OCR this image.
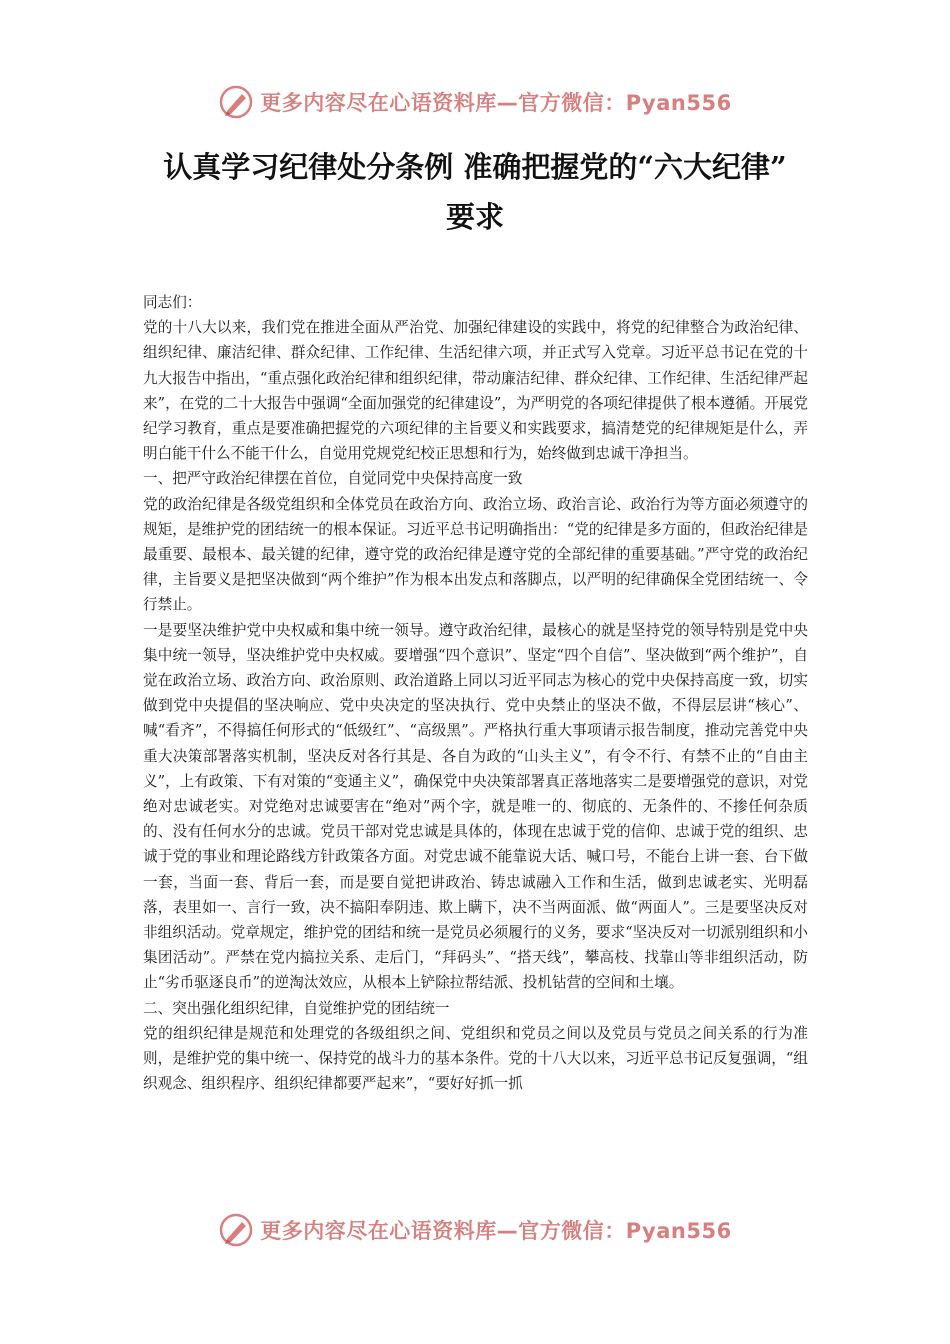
更多内容尽在心语资料库—官方微信：Pyan556
认真学习纪律处分条例 准确把握党的“六大纪律”
要求

同志们：

党的十八大以来，我们党在推进全面从严治党、加强纪律建设的实践中，将党的纪律整合为政治纪律、组织纪律、廉洁纪律、群众纪律、工作纪律、生活纪律六项，并正式写入党章。习近平总书记在党的十九大报告中指出，“重点强化政治纪律和组织纪律，带动廉洁纪律、群众纪律、工作纪律、生活纪律严起来”，在党的二十大报告中强调“全面加强党的纪律建设”，为严明党的各项纪律提供了根本遵循。开展党纪学习教育，重点是要准确把握党的六项纪律的主旨要义和实践要求，搞清楚党的纪律规矩是什么，弄明白能干什么不能干什么，自觉用党规党纪校正思想和行为，始终做到忠诚干净担当。

一、把严守政治纪律摆在首位，自觉同党中央保持高度一致

党的政治纪律是各级党组织和全体党员在政治方向、政治立场、政治言论、政治行为等方面必须遵守的规矩，是维护党的团结统一的根本保证。习近平总书记明确指出：“党的纪律是多方面的，但政治纪律是最重要、最根本、最关键的纪律，遵守党的政治纪律是遵守党的全部纪律的重要基础。”严守党的政治纪律，主旨要义是把坚决做到“两个维护”作为根本出发点和落脚点，以严明的纪律确保全党团结统一、令行禁止。

一是要坚决维护党中央权威和集中统一领导。遵守政治纪律，最核心的就是坚持党的领导特别是党中央集中统一领导，坚决维护党中央权威。要增强“四个意识”、坚定“四个自信”、坚决做到“两个维护”，自觉在政治立场、政治方向、政治原则、政治道路上同以习近平同志为核心的党中央保持高度一致，切实做到党中央提倡的坚决响应、党中央决定的坚决执行、党中央禁止的坚决不做，不得层层讲“核心”、喊“看齐”，不得搞任何形式的“低级红”、“高级黑”。严格执行重大事项请示报告制度，推动完善党中央重大决策部署落实机制，坚决反对各行其是、各自为政的“山头主义”，有令不行、有禁不止的“自由主义”，上有政策、下有对策的“变通主义”，确保党中央决策部署真正落地落实二是要增强党的意识，对党绝对忠诚老实。对党绝对忠诚要害在“绝对”两个字，就是唯一的、彻底的、无条件的、不掺任何杂质的、没有任何水分的忠诚。党员干部对党忠诚是具体的，体现在忠诚于党的信仰、忠诚于党的组织、忠诚于党的事业和理论路线方针政策各方面。对党忠诚不能靠说大话、喊口号，不能台上讲一套、台下做一套，当面一套、背后一套，而是要自觉把讲政治、铸忠诚融入工作和生活，做到忠诚老实、光明磊落，表里如一、言行一致，决不搞阳奉阴违、欺上瞒下，决不当两面派、做“两面人”。三是要坚决反对非组织活动。党章规定，维护党的团结和统一是党员必须履行的义务，要求“坚决反对一切派别组织和小集团活动”。严禁在党内搞拉关系、走后门，“拜码头”、“搭天线”，攀高枝、找靠山等非组织活动，防止“劣币驱逐良币”的逆淘汰效应，从根本上铲除拉帮结派、投机钻营的空间和土壤。

二、突出强化组织纪律，自觉维护党的团结统一

党的组织纪律是规范和处理党的各级组织之间、党组织和党员之间以及党员与党员之间关系的行为准则，是维护党的集中统一、保持党的战斗力的基本条件。党的十八大以来，习近平总书记反复强调，“组织观念、组织程序、组织纪律都要严起来”，“要好好抓一抓

更多内容尽在心语资料库—官方微信：Pyan556
